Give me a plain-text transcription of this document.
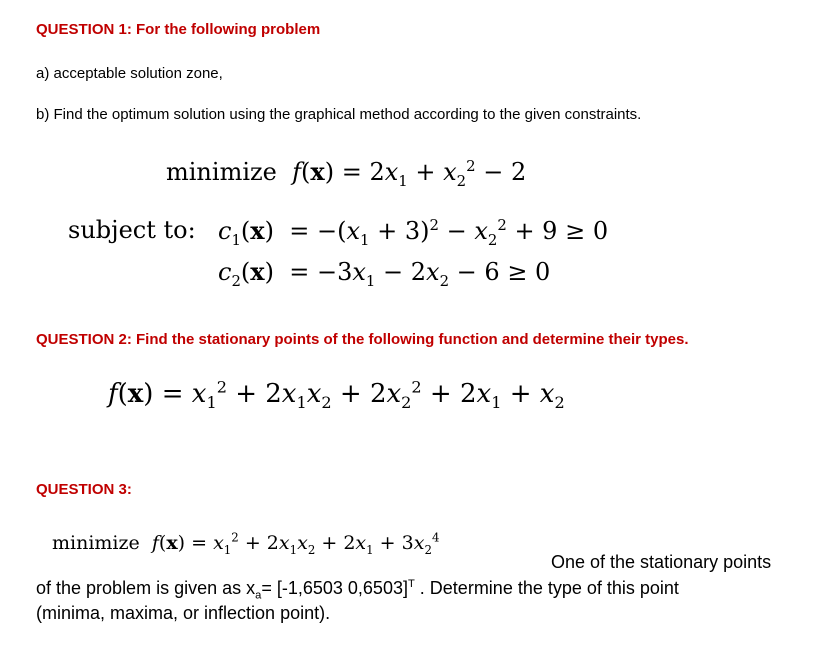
QUESTION 1: For the following problem
a) acceptable solution zone,
b) Find the optimum solution using the graphical method according to the given constraints.
minimize $f(x) = 2x_1 + x_2^2 - 2$
subject to: $c_1(x) = -(x_1 + 3)^2 - x_2^2 + 9 \ge 0$
$c_2(x) = -3x_1 - 2x_2 - 6 \ge 0$
QUESTION 2: Find the stationary points of the following function and determine their types.
$f(x) = x_1^2 + 2x_1x_2 + 2x_2^2 + 2x_1 + x_2$
QUESTION 3:
minimize $f(x) = x_1^2 + 2x_1x_2 + 2x_1 + 3x_2^4$
One of the stationary points
of the problem is given as $x_a= [-1,6503$ 0,6503]$^T$ . Determine the type of this point
(minima, maxima, or inflection point).
